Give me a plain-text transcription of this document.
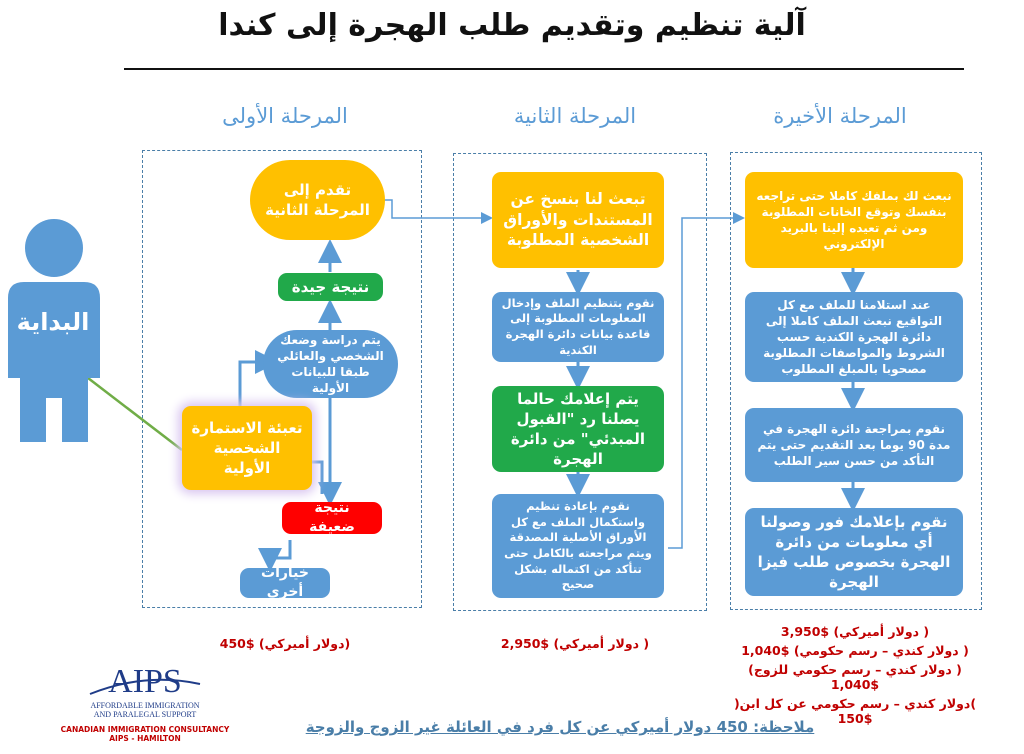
آلية تنظيم وتقديم طلب الهجرة إلى كندا
المرحلة الأولى	المرحلة الثانية	المرحلة الأخيرة
البداية
تقدم إلى المرحلة الثانية
نتيجة جيدة
يتم دراسة وضعك الشخصي والعائلي طبقا للبيانات الأولية
تعبئة الاستمارة الشخصية الأولية
نتيجة ضعيفة
خيارات أخرى
تبعث لنا بنسخ عن المستندات والأوراق الشخصية المطلوبة
نقوم بتنظيم الملف وإدخال المعلومات المطلوبة إلى قاعدة بيانات دائرة الهجرة الكندية
يتم إعلامك حالما يصلنا رد "القبول المبدئي" من دائرة الهجرة
نقوم بإعادة تنظيم واستكمال الملف مع كل الأوراق الأصلية المصدقة ويتم مراجعته بالكامل حتى تتأكد من اكتماله بشكل صحيح
نبعث لك بملفك كاملا حتى تراجعه بنفسك وتوقع الخانات المطلوبة ومن ثم تعيده إلينا بالبريد الإلكتروني
عند استلامنا للملف مع كل التواقيع نبعث الملف كاملا إلى دائرة الهجرة الكندية حسب الشروط والمواصفات المطلوبة مصحوبا بالمبلغ المطلوب
نقوم بمراجعة دائرة الهجرة في مدة 90 يوما بعد التقديم حتى يتم التأكد من حسن سير الطلب
نقوم بإعلامك فور وصولنا أي معلومات من دائرة الهجرة بخصوص طلب فيزا الهجرة
(دولار أميركي) $450	( دولار أميركي) $2,950
( دولار أميركي) $3,950
( دولار كندي – رسم حكومي) $1,040
( دولار كندي – رسم حكومي للزوج) $1,040
)دولار كندي – رسم حكومي عن كل ابن( $150
AIPS
AFFORDABLE IMMIGRATION
AND PARALEGAL SUPPORT
CANADIAN IMMIGRATION CONSULTANCY
AIPS - HAMILTON
ملاحظة: 450 دولار أميركي عن كل فرد في العائلة غير الزوج والزوجة
